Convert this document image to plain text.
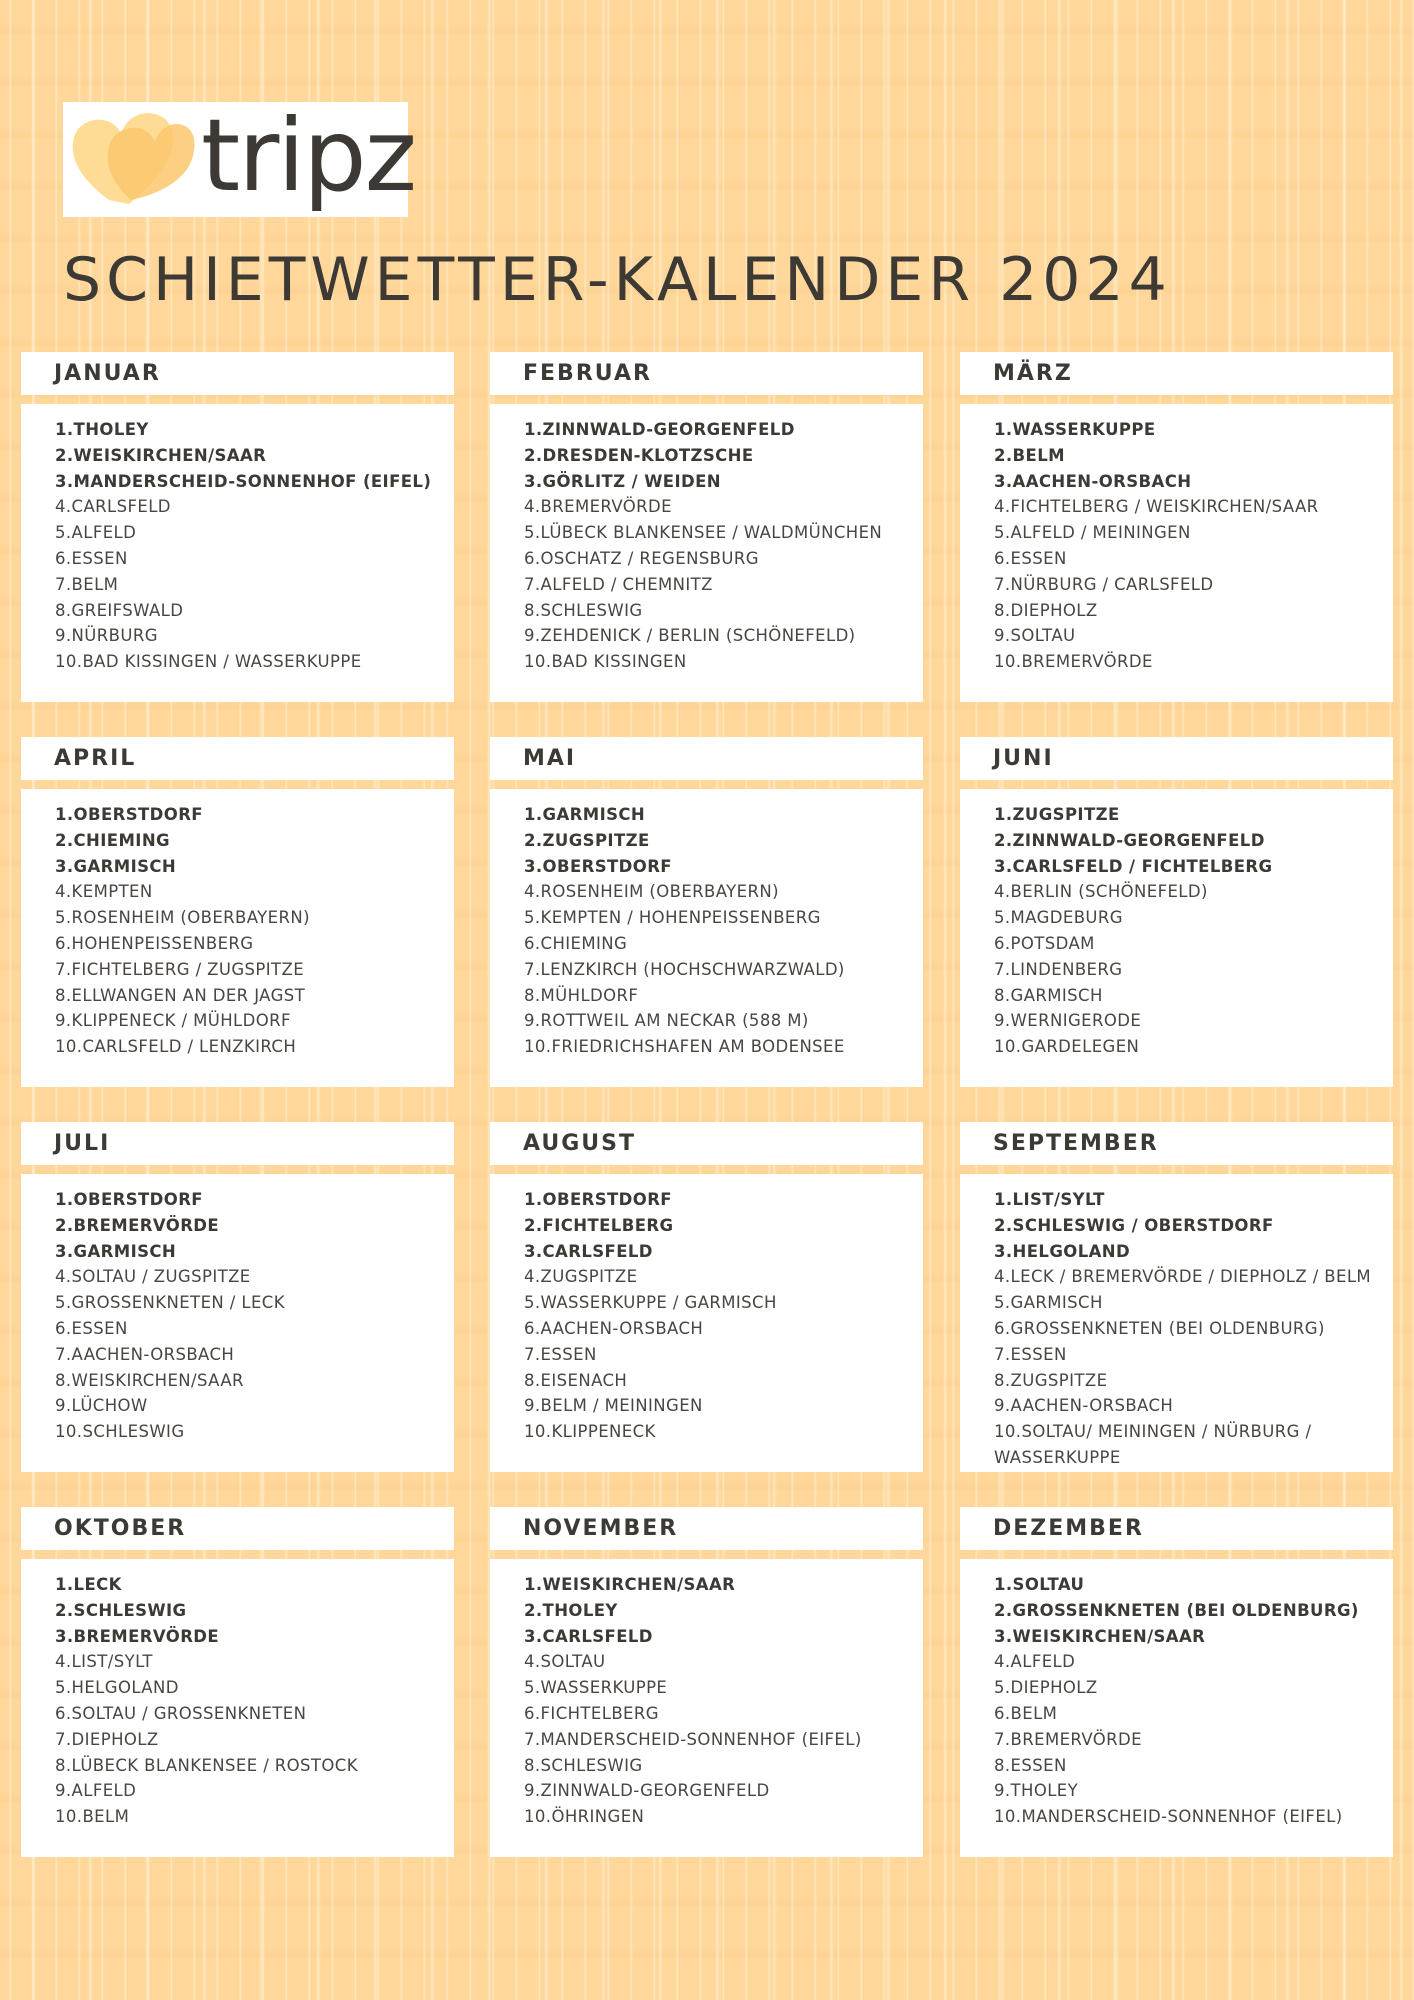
tripz
SCHIETWETTER-KALENDER 2024
JANUAR
1.THOLEY
2.WEISKIRCHEN/SAAR
3.MANDERSCHEID-SONNENHOF (EIFEL)
4.CARLSFELD
5.ALFELD
6.ESSEN
7.BELM
8.GREIFSWALD
9.NÜRBURG
10.BAD KISSINGEN / WASSERKUPPE
FEBRUAR
1.ZINNWALD-GEORGENFELD
2.DRESDEN-KLOTZSCHE
3.GÖRLITZ / WEIDEN
4.BREMERVÖRDE
5.LÜBECK BLANKENSEE / WALDMÜNCHEN
6.OSCHATZ / REGENSBURG
7.ALFELD / CHEMNITZ
8.SCHLESWIG
9.ZEHDENICK / BERLIN (SCHÖNEFELD)
10.BAD KISSINGEN
MÄRZ
1.WASSERKUPPE
2.BELM
3.AACHEN-ORSBACH
4.FICHTELBERG / WEISKIRCHEN/SAAR
5.ALFELD / MEININGEN
6.ESSEN
7.NÜRBURG / CARLSFELD
8.DIEPHOLZ
9.SOLTAU
10.BREMERVÖRDE
APRIL
1.OBERSTDORF
2.CHIEMING
3.GARMISCH
4.KEMPTEN
5.ROSENHEIM (OBERBAYERN)
6.HOHENPEISSENBERG
7.FICHTELBERG / ZUGSPITZE
8.ELLWANGEN AN DER JAGST
9.KLIPPENECK / MÜHLDORF
10.CARLSFELD / LENZKIRCH
MAI
1.GARMISCH
2.ZUGSPITZE
3.OBERSTDORF
4.ROSENHEIM (OBERBAYERN)
5.KEMPTEN / HOHENPEISSENBERG
6.CHIEMING
7.LENZKIRCH (HOCHSCHWARZWALD)
8.MÜHLDORF
9.ROTTWEIL AM NECKAR (588 M)
10.FRIEDRICHSHAFEN AM BODENSEE
JUNI
1.ZUGSPITZE
2.ZINNWALD-GEORGENFELD
3.CARLSFELD / FICHTELBERG
4.BERLIN (SCHÖNEFELD)
5.MAGDEBURG
6.POTSDAM
7.LINDENBERG
8.GARMISCH
9.WERNIGERODE
10.GARDELEGEN
JULI
1.OBERSTDORF
2.BREMERVÖRDE
3.GARMISCH
4.SOLTAU / ZUGSPITZE
5.GROSSENKNETEN / LECK
6.ESSEN
7.AACHEN-ORSBACH
8.WEISKIRCHEN/SAAR
9.LÜCHOW
10.SCHLESWIG
AUGUST
1.OBERSTDORF
2.FICHTELBERG
3.CARLSFELD
4.ZUGSPITZE
5.WASSERKUPPE / GARMISCH
6.AACHEN-ORSBACH
7.ESSEN
8.EISENACH
9.BELM / MEININGEN
10.KLIPPENECK
SEPTEMBER
1.LIST/SYLT
2.SCHLESWIG / OBERSTDORF
3.HELGOLAND
4.LECK / BREMERVÖRDE / DIEPHOLZ / BELM
5.GARMISCH
6.GROSSENKNETEN (BEI OLDENBURG)
7.ESSEN
8.ZUGSPITZE
9.AACHEN-ORSBACH
10.SOLTAU/ MEININGEN / NÜRBURG / WASSERKUPPE
OKTOBER
1.LECK
2.SCHLESWIG
3.BREMERVÖRDE
4.LIST/SYLT
5.HELGOLAND
6.SOLTAU / GROSSENKNETEN
7.DIEPHOLZ
8.LÜBECK BLANKENSEE / ROSTOCK
9.ALFELD
10.BELM
NOVEMBER
1.WEISKIRCHEN/SAAR
2.THOLEY
3.CARLSFELD
4.SOLTAU
5.WASSERKUPPE
6.FICHTELBERG
7.MANDERSCHEID-SONNENHOF (EIFEL)
8.SCHLESWIG
9.ZINNWALD-GEORGENFELD
10.ÖHRINGEN
DEZEMBER
1.SOLTAU
2.GROSSENKNETEN (BEI OLDENBURG)
3.WEISKIRCHEN/SAAR
4.ALFELD
5.DIEPHOLZ
6.BELM
7.BREMERVÖRDE
8.ESSEN
9.THOLEY
10.MANDERSCHEID-SONNENHOF (EIFEL)
